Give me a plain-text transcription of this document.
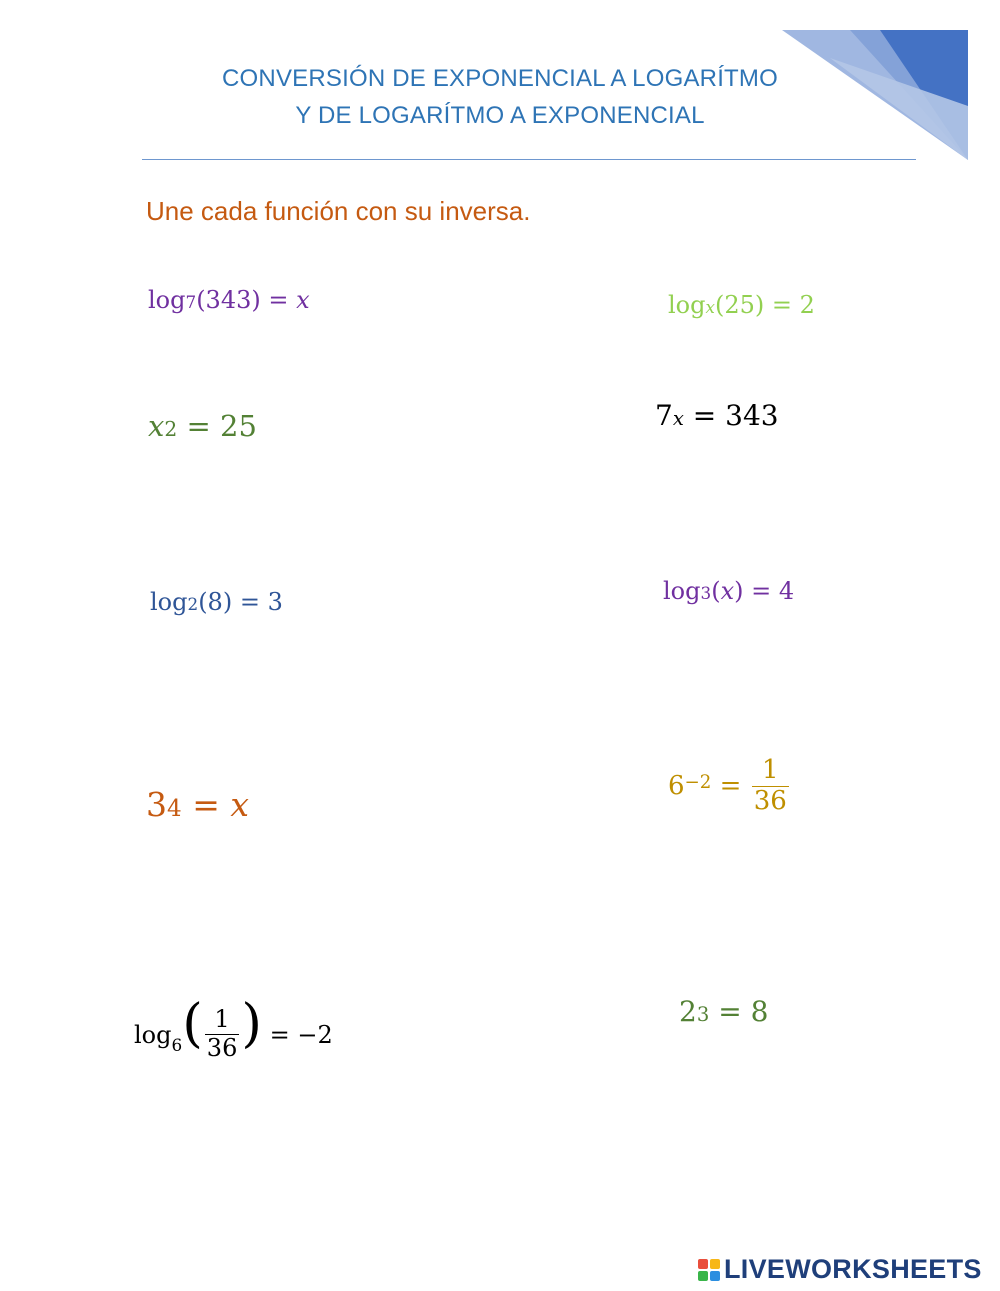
CONVERSIÓN DE EXPONENCIAL A LOGARÍTMO
Y DE LOGARÍTMO A EXPONENCIAL
Une cada función con su inversa.
log7(343) = x
x2 = 25
log2(8) = 3
34 = x
$\log 6( \frac{1}{36}$ ) = −2
logx(25) = 2
7x = 343
log3(x) = 4
$6-2 = \frac{1}{36}$
23 = 8
LIVEWORKSHEETS
